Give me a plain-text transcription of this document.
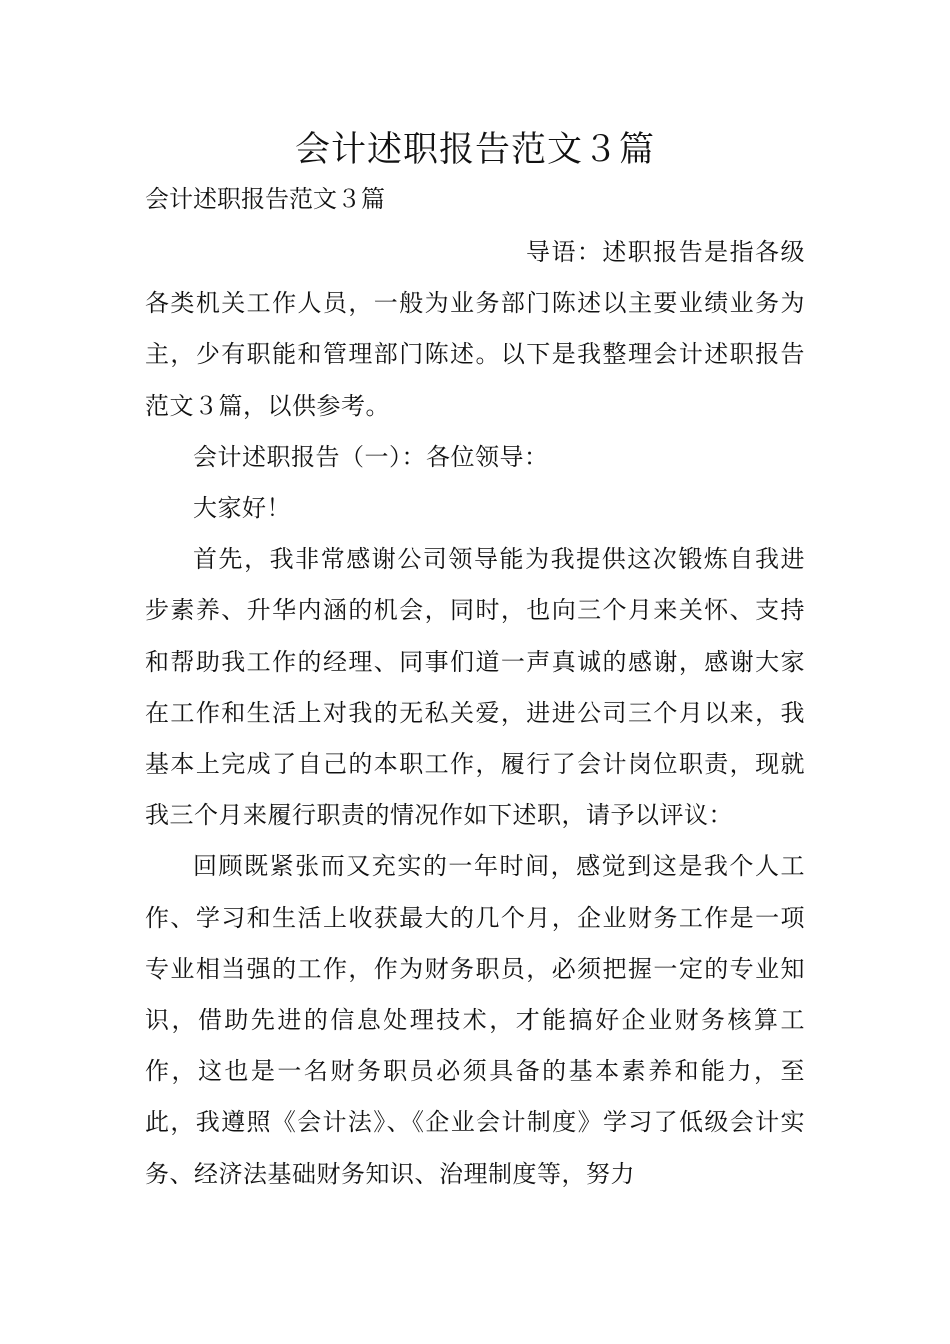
会计述职报告范文３篇

会计述职报告范文３篇

导语：述职报告是指各级各类机关工作人员，一般为业务部门陈述以主要业绩业务为主，少有职能和管理部门陈述。以下是我整理会计述职报告范文３篇，以供参考。

会计述职报告（一）：各位领导：

大家好！

首先，我非常感谢公司领导能为我提供这次锻炼自我进步素养、升华内涵的机会，同时，也向三个月来关怀、支持和帮助我工作的经理、同事们道一声真诚的感谢，感谢大家在工作和生活上对我的无私关爱，进进公司三个月以来，我基本上完成了自己的本职工作，履行了会计岗位职责，现就我三个月来履行职责的情况作如下述职，请予以评议：

回顾既紧张而又充实的一年时间，感觉到这是我个人工作、学习和生活上收获最大的几个月，企业财务工作是一项专业相当强的工作，作为财务职员，必须把握一定的专业知识，借助先进的信息处理技术，才能搞好企业财务核算工作，这也是一名财务职员必须具备的基本素养和能力，至此，我遵照《会计法》、《企业会计制度》学习了低级会计实务、经济法基础财务知识、治理制度等，努力
